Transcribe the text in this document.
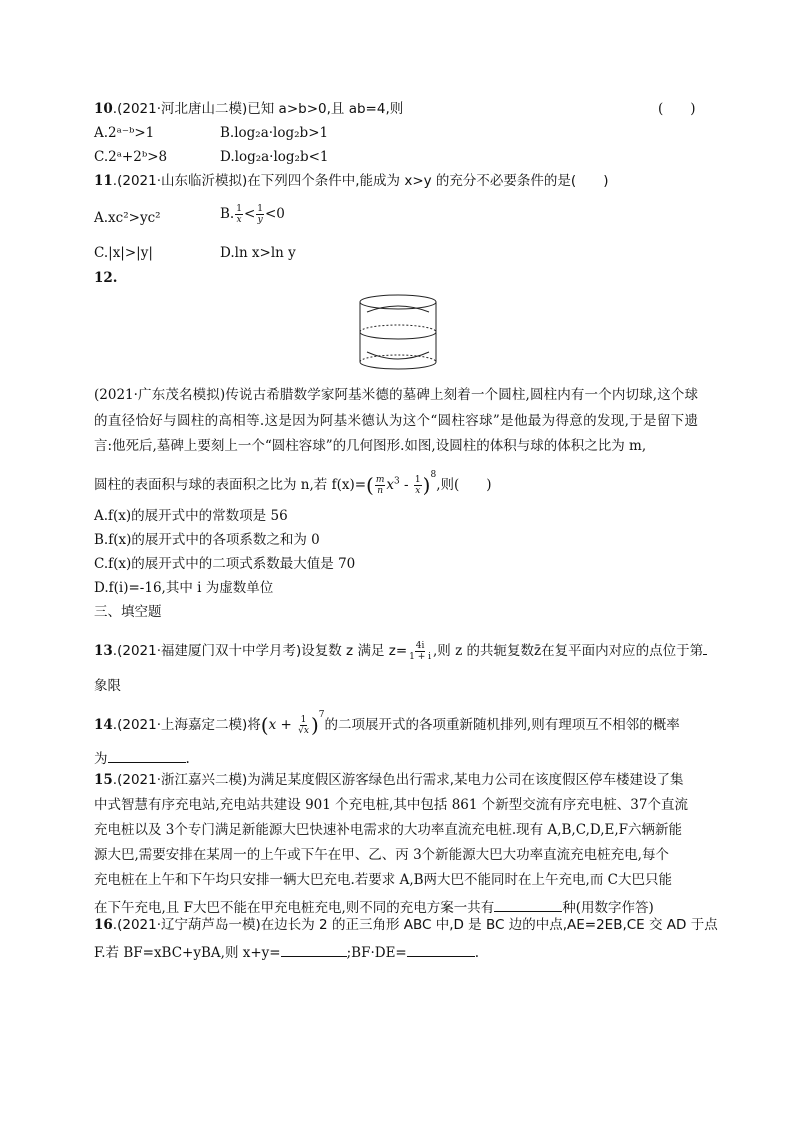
10.(2021·河北唐山二模)已知 a>b>0,且 ab=4,则	(　　)
A.2ᵃ⁻ᵇ>1	B.log₂a·log₂b>1
C.2ᵃ+2ᵇ>8	D.log₂a·log₂b<1
11.(2021·山东临沂模拟)在下列四个条件中,能成为 x>y 的充分不必要条件的是(　　)
A.xc²>yc²	B. $\frac{1}{x} < \frac{1}{y} <0$
C.|x|>|y|	D.ln x>ln y
12.
(2021·广东茂名模拟)传说古希腊数学家阿基米德的墓碑上刻着一个圆柱,圆柱内有一个内切球,这个球的直径恰好与圆柱的高相等.这是因为阿基米德认为这个“圆柱容球”是他最为得意的发现,于是留下遗言:他死后,墓碑上要刻上一个“圆柱容球”的几何图形.如图,设圆柱的体积与球的体积之比为 m,
圆柱的表面积与球的表面积之比为 n,若 $f(x)=( \frac{m}{n} x^3 - \frac{1}{x} )^8$,则(　　)
A.f(x)的展开式中的常数项是 56
B.f(x)的展开式中的各项系数之和为 0
C.f(x)的展开式中的二项式系数最大值是 70
D.f(i)=-16,其中 i 为虚数单位
三、填空题
13.(2021·福建厦门双十中学月考)设复数 z 满足 $z= \frac{4i}{1 + i}$ ,则 z 的共轭复数z̄在复平面内对应的点位于第
象限
14.(2021·上海嘉定二模)将$(x + \frac{1}{√x} )^7$的二项展开式的各项重新随机排列,则有理项互不相邻的概率
为	.
15.(2021·浙江嘉兴二模)为满足某度假区游客绿色出行需求,某电力公司在该度假区停车楼建设了集
中式智慧有序充电站,充电站共建设 901 个充电桩,其中包括 861 个新型交流有序充电桩、37个直流
充电桩以及 3个专门满足新能源大巴快速补电需求的大功率直流充电桩.现有 A,B,C,D,E,F六辆新能
源大巴,需要安排在某周一的上午或下午在甲、乙、丙 3个新能源大巴大功率直流充电桩充电,每个
充电桩在上午和下午均只安排一辆大巴充电.若要求 A,B两大巴不能同时在上午充电,而 C大巴只能
在下午充电,且 F大巴不能在甲充电桩充电,则不同的充电方案一共有	种(用数字作答)
16.(2021·辽宁葫芦岛一模)在边长为 2 的正三角形 ABC 中,D 是 BC 边的中点,AE=2EB,CE 交 AD 于点
F.若 BF=xBC+yBA,则 x+y=	;BF·DE=	.
